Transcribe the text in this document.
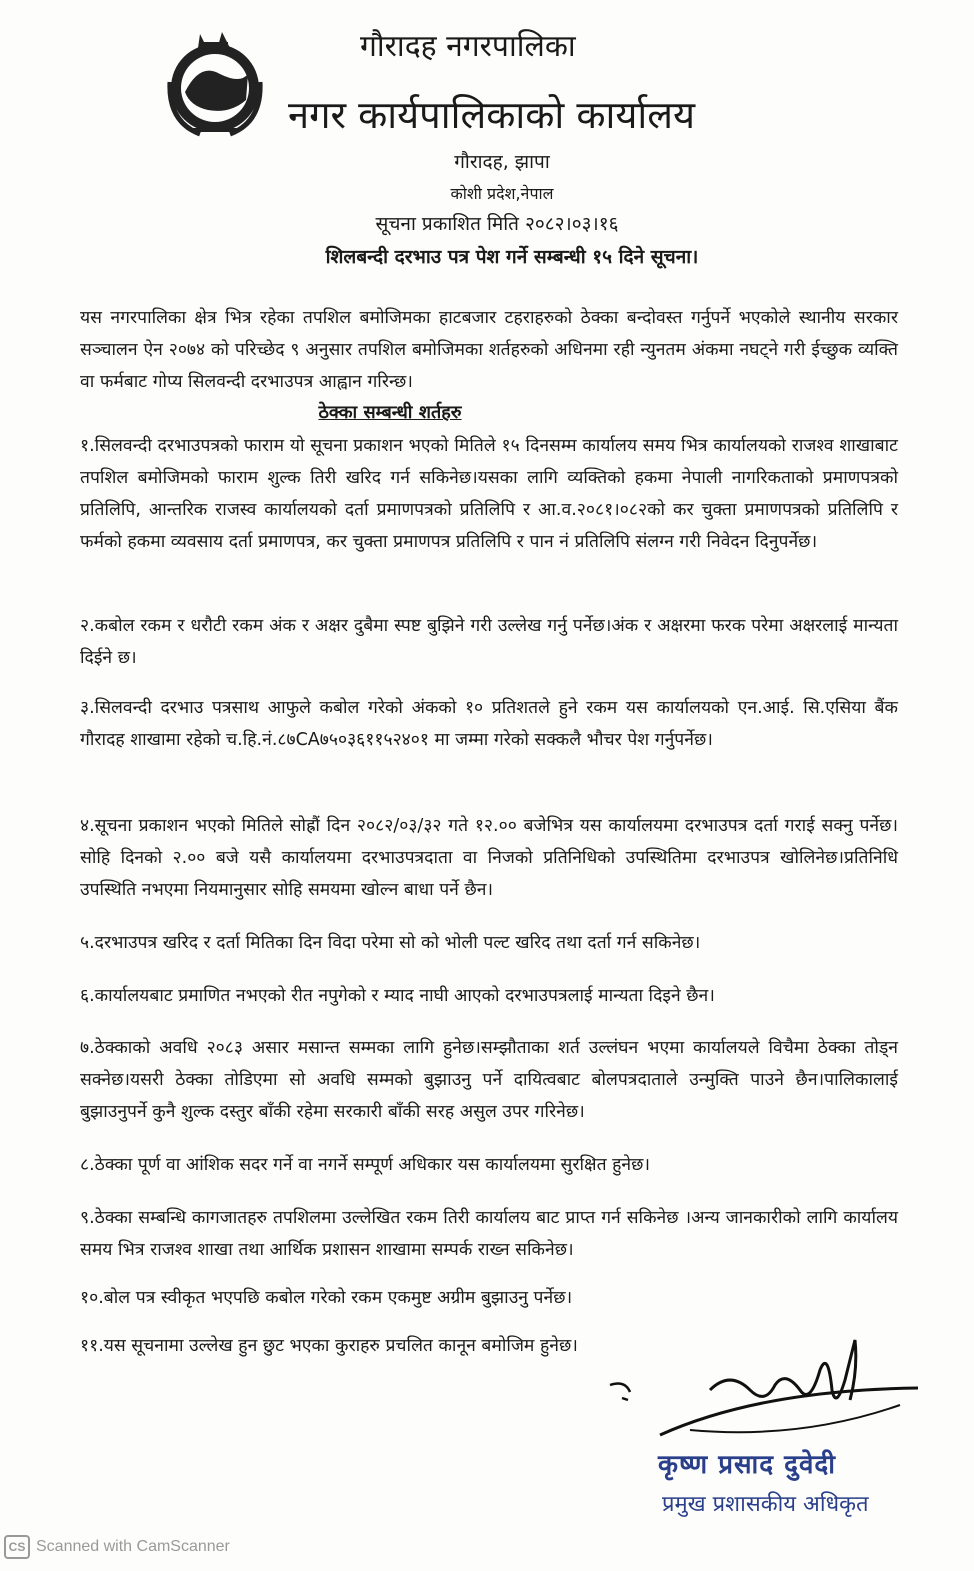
गौरादह नगरपालिका
नगर कार्यपालिकाको कार्यालय
गौरादह, झापा
कोशी प्रदेश,नेपाल
सूचना प्रकाशित मिति २०८२।०३।१६
शिलबन्दी दरभाउ पत्र पेश गर्ने सम्बन्धी १५ दिने सूचना।
यस नगरपालिका क्षेत्र भित्र रहेका तपशिल बमोजिमका हाटबजार टहराहरुको ठेक्का बन्दोवस्त गर्नुपर्ने भएकोले स्थानीय सरकार सञ्चालन ऐन २०७४ को परिच्छेद ९ अनुसार तपशिल बमोजिमका शर्तहरुको अधिनमा रही न्युनतम अंकमा नघट्ने गरी ईच्छुक व्यक्ति वा फर्मबाट गोप्य सिलवन्दी दरभाउपत्र आह्वान गरिन्छ।
ठेक्का सम्बन्धी शर्तहरु
१.सिलवन्दी दरभाउपत्रको फाराम यो सूचना प्रकाशन भएको मितिले १५ दिनसम्म कार्यालय समय भित्र कार्यालयको राजश्व शाखाबाट तपशिल बमोजिमको फाराम शुल्क तिरी खरिद गर्न सकिनेछ।यसका लागि व्यक्तिको हकमा नेपाली नागरिकताको प्रमाणपत्रको प्रतिलिपि, आन्तरिक राजस्व कार्यालयको दर्ता प्रमाणपत्रको प्रतिलिपि र आ.व.२०८१।०८२को कर चुक्ता प्रमाणपत्रको प्रतिलिपि र फर्मको हकमा व्यवसाय दर्ता प्रमाणपत्र, कर चुक्ता प्रमाणपत्र प्रतिलिपि र पान नं प्रतिलिपि संलग्न गरी निवेदन दिनुपर्नेछ।
२.कबोल रकम र धरौटी रकम अंक र अक्षर दुबैमा स्पष्ट बुझिने गरी उल्लेख गर्नु पर्नेछ।अंक र अक्षरमा फरक परेमा अक्षरलाई मान्यता दिईने छ।
३.सिलवन्दी दरभाउ पत्रसाथ आफुले कबोल गरेको अंकको १० प्रतिशतले हुने रकम यस कार्यालयको एन.आई. सि.एसिया बैंक गौरादह शाखामा रहेको च.हि.नं.८७CA७५०३६११५२४०१ मा जम्मा गरेको सक्कलै भौचर पेश गर्नुपर्नेछ।
४.सूचना प्रकाशन भएको मितिले सोह्रौं दिन २०८२/०३/३२ गते १२.०० बजेभित्र यस कार्यालयमा दरभाउपत्र दर्ता गराई सक्नु पर्नेछ।सोहि दिनको २.०० बजे यसै कार्यालयमा दरभाउपत्रदाता वा निजको प्रतिनिधिको उपस्थितिमा दरभाउपत्र खोलिनेछ।प्रतिनिधि उपस्थिति नभएमा नियमानुसार सोहि समयमा खोल्न बाधा पर्ने छैन।
५.दरभाउपत्र खरिद र दर्ता मितिका दिन विदा परेमा सो को भोली पल्ट खरिद तथा दर्ता गर्न सकिनेछ।
६.कार्यालयबाट प्रमाणित नभएको रीत नपुगेको र म्याद नाघी आएको दरभाउपत्रलाई मान्यता दिइने छैन।
७.ठेक्काको अवधि २०८३ असार मसान्त सम्मका लागि हुनेछ।सम्झौताका शर्त उल्लंघन भएमा कार्यालयले विचैमा ठेक्का तोड्न सक्नेछ।यसरी ठेक्का तोडिएमा सो अवधि सम्मको बुझाउनु पर्ने दायित्वबाट बोलपत्रदाताले उन्मुक्ति पाउने छैन।पालिकालाई बुझाउनुपर्ने कुनै शुल्क दस्तुर बाँकी रहेमा सरकारी बाँकी सरह असुल उपर गरिनेछ।
८.ठेक्का पूर्ण वा आंशिक सदर गर्ने वा नगर्ने सम्पूर्ण अधिकार यस कार्यालयमा सुरक्षित हुनेछ।
९.ठेक्का सम्बन्धि कागजातहरु तपशिलमा उल्लेखित रकम तिरी कार्यालय बाट प्राप्त गर्न सकिनेछ ।अन्य जानकारीको लागि कार्यालय समय भित्र राजश्व शाखा तथा आर्थिक प्रशासन शाखामा सम्पर्क राख्न सकिनेछ।
१०.बोल पत्र स्वीकृत भएपछि कबोल गरेको रकम एकमुष्ट अग्रीम बुझाउनु पर्नेछ।
११.यस सूचनामा उल्लेख हुन छुट भएका कुराहरु प्रचलित कानून बमोजिम हुनेछ।
कृष्ण प्रसाद दुवेदी
प्रमुख प्रशासकीय अधिकृत
CS Scanned with CamScanner
